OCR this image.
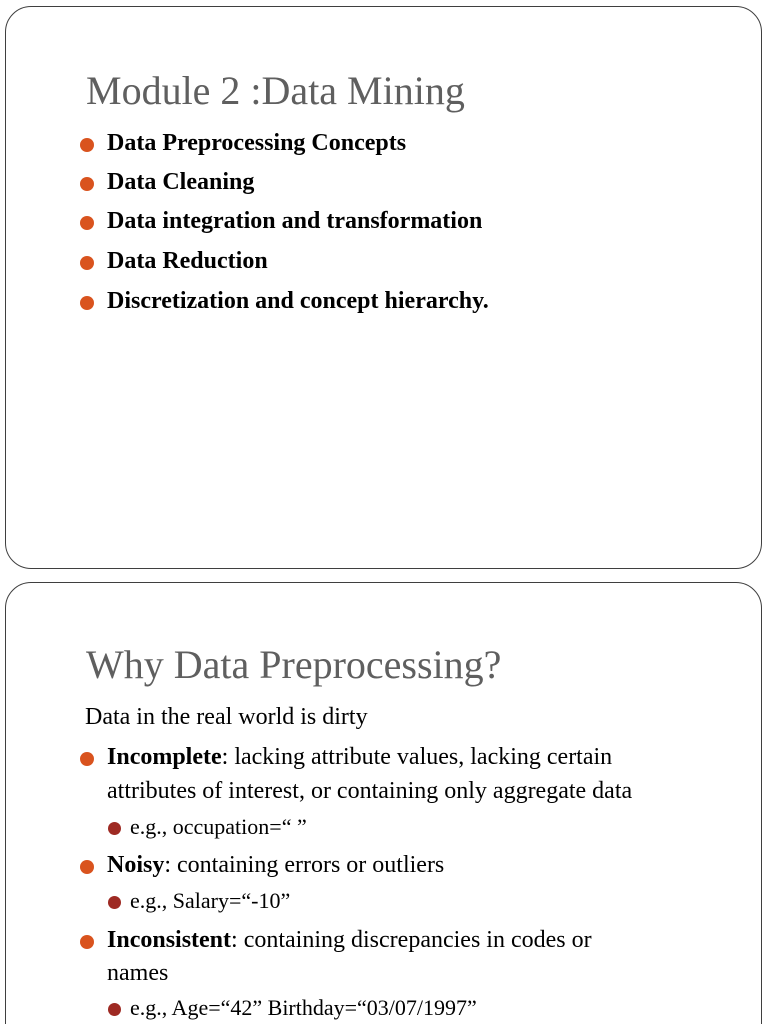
Module 2 :Data Mining
Data Preprocessing Concepts
Data Cleaning
Data integration and transformation
Data Reduction
Discretization and concept hierarchy.
Why Data Preprocessing?
Data in the real world is dirty
Incomplete: lacking attribute values, lacking certain
attributes of interest, or containing only aggregate data
e.g., occupation=“ ”
Noisy: containing errors or outliers
e.g., Salary=“-10”
Inconsistent: containing discrepancies in codes or
names
e.g., Age=“42” Birthday=“03/07/1997”
